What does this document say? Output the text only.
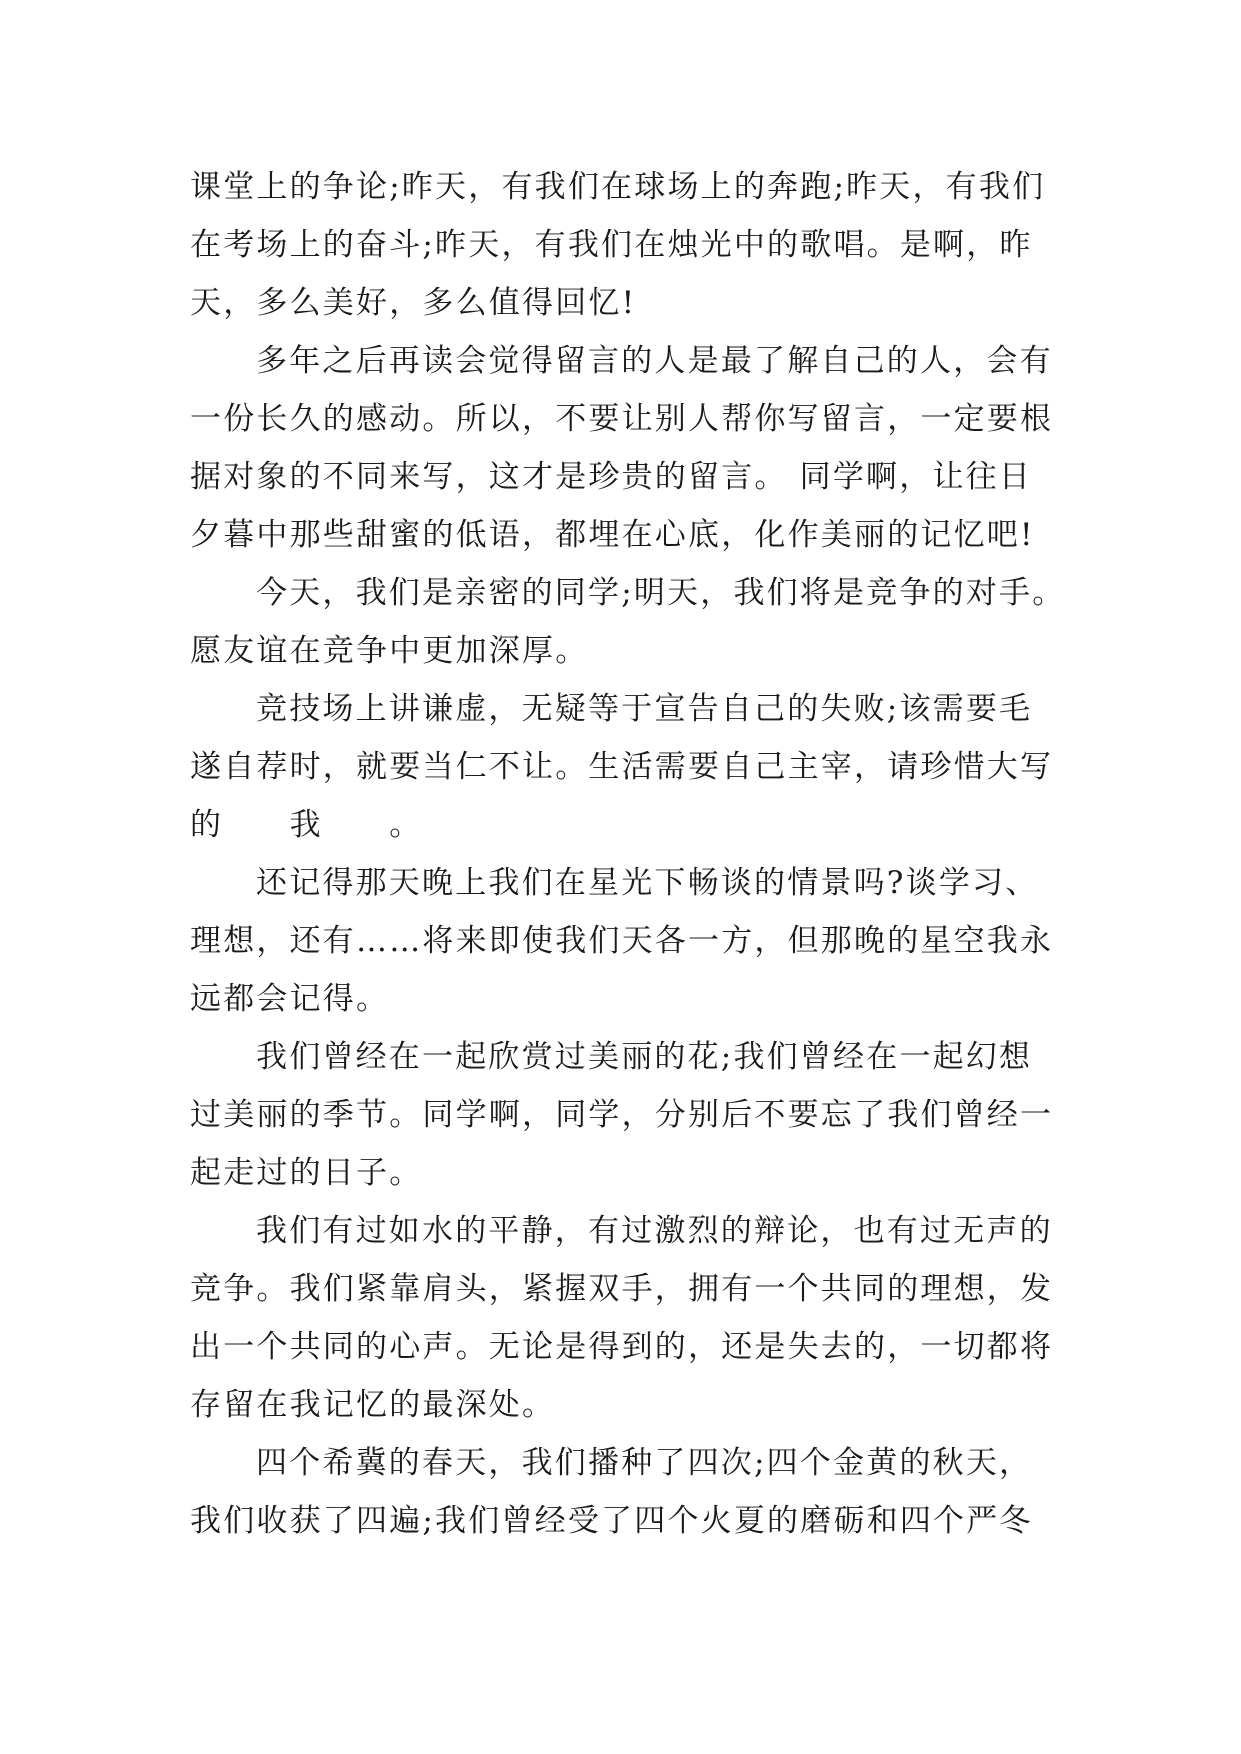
课堂上的争论;昨天，有我们在球场上的奔跑;昨天，有我们
在考场上的奋斗;昨天，有我们在烛光中的歌唱。是啊，昨
天，多么美好，多么值得回忆!
多年之后再读会觉得留言的人是最了解自己的人，会有
一份长久的感动。所以，不要让别人帮你写留言，一定要根
据对象的不同来写，这才是珍贵的留言。 同学啊，让往日
夕暮中那些甜蜜的低语，都埋在心底，化作美丽的记忆吧!
今天，我们是亲密的同学;明天，我们将是竞争的对手。
愿友谊在竞争中更加深厚。
竞技场上讲谦虚，无疑等于宣告自己的失败;该需要毛
遂自荐时，就要当仁不让。生活需要自己主宰，请珍惜大写
的　　我　　。
还记得那天晚上我们在星光下畅谈的情景吗?谈学习、
理想，还有……将来即使我们天各一方，但那晚的星空我永
远都会记得。
我们曾经在一起欣赏过美丽的花;我们曾经在一起幻想
过美丽的季节。同学啊，同学，分别后不要忘了我们曾经一
起走过的日子。
我们有过如水的平静，有过激烈的辩论，也有过无声的
竞争。我们紧靠肩头，紧握双手，拥有一个共同的理想，发
出一个共同的心声。无论是得到的，还是失去的，一切都将
存留在我记忆的最深处。
四个希冀的春天，我们播种了四次;四个金黄的秋天，
我们收获了四遍;我们曾经受了四个火夏的磨砺和四个严冬
